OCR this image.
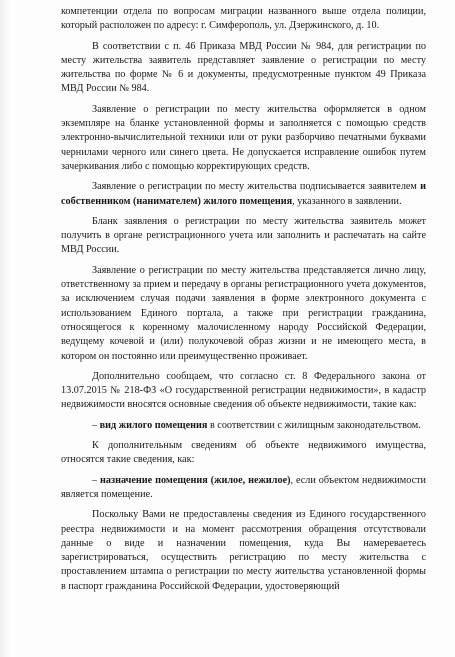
компетенции отдела по вопросам миграции названного выше отдела полиции, который расположен по адресу: г. Симферополь, ул. Дзержинского, д. 10.

В соответствии с п. 46 Приказа МВД России № 984, для регистрации по месту жительства заявитель представляет заявление о регистрации по месту жительства по форме № 6 и документы, предусмотренные пунктом 49 Приказа МВД России № 984.

Заявление о регистрации по месту жительства оформляется в одном экземпляре на бланке установленной формы и заполняется с помощью средств электронно-вычислительной техники или от руки разборчиво печатными буквами чернилами черного или синего цвета. Не допускается исправление ошибок путем зачеркивания либо с помощью корректирующих средств.

Заявление о регистрации по месту жительства подписывается заявителем и собственником (нанимателем) жилого помещения, указанного в заявлении.

Бланк заявления о регистрации по месту жительства заявитель может получить в органе регистрационного учета или заполнить и распечатать на сайте МВД России.

Заявление о регистрации по месту жительства представляется лично лицу, ответственному за прием и передачу в органы регистрационного учета документов, за исключением случая подачи заявления в форме электронного документа с использованием Единого портала, а также при регистрации гражданина, относящегося к коренному малочисленному народу Российской Федерации, ведущему кочевой и (или) полукочевой образ жизни и не имеющего места, в котором он постоянно или преимущественно проживает.

Дополнительно сообщаем, что согласно ст. 8 Федерального закона от 13.07.2015 № 218-ФЗ «О государственной регистрации недвижимости», в кадастр недвижимости вносятся основные сведения об объекте недвижимости, такие как:

– вид жилого помещения в соответствии с жилищным законодательством.

К дополнительным сведениям об объекте недвижимого имущества, относятся такие сведения, как:

– назначение помещения (жилое, нежилое), если объектом недвижимости является помещение.

Поскольку Вами не предоставлены сведения из Единого государственного реестра недвижимости и на момент рассмотрения обращения отсутствовали данные о виде и назначении помещения, куда Вы намереваетесь зарегистрироваться, осуществить регистрацию по месту жительства с проставлением штампа о регистрации по месту жительства установленной формы в паспорт гражданина Российской Федерации, удостоверяющий
